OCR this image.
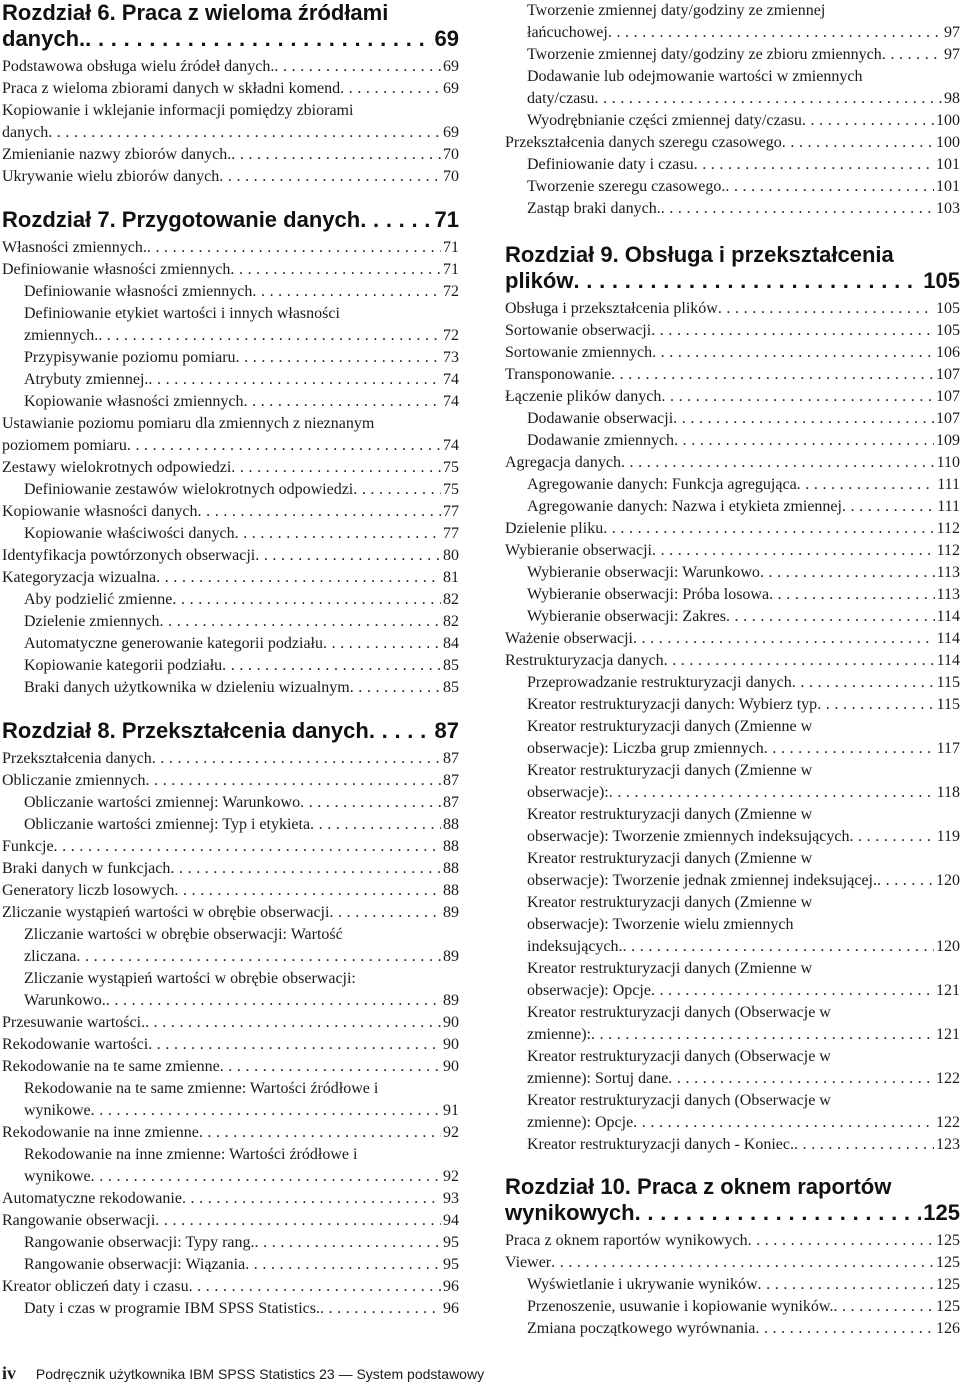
Rozdział 6. Praca z wieloma źródłami
danych. . . .	69
Podstawowa obsługa wielu źródeł danych. . . .	69
Praca z wieloma zbiorami danych w składni komend . . .	69
Kopiowanie i wklejanie informacji pomiędzy zbiorami
danych . . .	69
Zmienianie nazwy zbiorów danych. . . .	70
Ukrywanie wielu zbiorów danych . . .	70
Rozdział 7. Przygotowanie danych . . .	71
Własności zmiennych. . . .	71
Definiowanie własności zmiennych . . .	71
Definiowanie własności zmiennych . . .	72
Definiowanie etykiet wartości i innych własności
zmiennych. . . .	72
Przypisywanie poziomu pomiaru . . .	73
Atrybuty zmiennej. . . .	74
Kopiowanie własności zmiennych . . .	74
Ustawianie poziomu pomiaru dla zmiennych z nieznanym
poziomem pomiaru . . .	74
Zestawy wielokrotnych odpowiedzi . . .	75
Definiowanie zestawów wielokrotnych odpowiedzi . . .	75
Kopiowanie własności danych . . .	77
Kopiowanie właściwości danych . . .	77
Identyfikacja powtórzonych obserwacji . . .	80
Kategoryzacja wizualna . . .	81
Aby podzielić zmienne . . .	82
Dzielenie zmiennych . . .	82
Automatyczne generowanie kategorii podziału . . .	84
Kopiowanie kategorii podziału . . .	85
Braki danych użytkownika w dzieleniu wizualnym . . .	85
Rozdział 8. Przekształcenia danych . . .	87
Przekształcenia danych . . .	87
Obliczanie zmiennych . . .	87
Obliczanie wartości zmiennej: Warunkowo . . .	87
Obliczanie wartości zmiennej: Typ i etykieta . . .	88
Funkcje . . .	88
Braki danych w funkcjach . . .	88
Generatory liczb losowych . . .	88
Zliczanie wystąpień wartości w obrębie obserwacji . . .	89
Zliczanie wartości w obrębie obserwacji: Wartość
zliczana . . .	89
Zliczanie wystąpień wartości w obrębie obserwacji:
Warunkowo. . . .	89
Przesuwanie wartości. . . .	90
Rekodowanie wartości . . .	90
Rekodowanie na te same zmienne . . .	90
Rekodowanie na te same zmienne: Wartości źródłowe i
wynikowe . . .	91
Rekodowanie na inne zmienne . . .	92
Rekodowanie na inne zmienne: Wartości źródłowe i
wynikowe . . .	92
Automatyczne rekodowanie . . .	93
Rangowanie obserwacji . . .	94
Rangowanie obserwacji: Typy rang. . . .	95
Rangowanie obserwacji: Wiązania . . .	95
Kreator obliczeń daty i czasu . . .	96
Daty i czas w programie IBM SPSS Statistics. . . .	96
Tworzenie zmiennej daty/godziny ze zmiennej
łańcuchowej . . .	97
Tworzenie zmiennej daty/godziny ze zbioru zmiennych . . .	97
Dodawanie lub odejmowanie wartości w zmiennych
daty/czasu . . .	98
Wyodrębnianie części zmiennej daty/czasu . . .	100
Przekształcenia danych szeregu czasowego . . .	100
Definiowanie daty i czasu . . .	101
Tworzenie szeregu czasowego. . . .	101
Zastąp braki danych. . . .	103
Rozdział 9. Obsługa i przekształcenia
plików . . .	105
Obsługa i przekształcenia plików . . .	105
Sortowanie obserwacji . . .	105
Sortowanie zmiennych . . .	106
Transponowanie . . .	107
Łączenie plików danych . . .	107
Dodawanie obserwacji . . .	107
Dodawanie zmiennych . . .	109
Agregacja danych . . .	110
Agregowanie danych: Funkcja agregująca . . .	111
Agregowanie danych: Nazwa i etykieta zmiennej . . .	111
Dzielenie pliku . . .	112
Wybieranie obserwacji . . .	112
Wybieranie obserwacji: Warunkowo . . .	113
Wybieranie obserwacji: Próba losowa . . .	113
Wybieranie obserwacji: Zakres . . .	114
Ważenie obserwacji . . .	114
Restrukturyzacja danych . . .	114
Przeprowadzanie restrukturyzacji danych . . .	115
Kreator restrukturyzacji danych: Wybierz typ . . .	115
Kreator restrukturyzacji danych (Zmienne w
obserwacje): Liczba grup zmiennych . . .	117
Kreator restrukturyzacji danych (Zmienne w
obserwacje): . . .	118
Kreator restrukturyzacji danych (Zmienne w
obserwacje): Tworzenie zmiennych indeksujących . . .	119
Kreator restrukturyzacji danych (Zmienne w
obserwacje): Tworzenie jednak zmiennej indeksującej. . . .	120
Kreator restrukturyzacji danych (Zmienne w
obserwacje): Tworzenie wielu zmiennych
indeksujących. . . .	120
Kreator restrukturyzacji danych (Zmienne w
obserwacje): Opcje . . .	121
Kreator restrukturyzacji danych (Obserwacje w
zmienne): . . .	121
Kreator restrukturyzacji danych (Obserwacje w
zmienne): Sortuj dane . . .	122
Kreator restrukturyzacji danych (Obserwacje w
zmienne): Opcje . . .	122
Kreator restrukturyzacji danych - Koniec. . . .	123
Rozdział 10. Praca z oknem raportów
wynikowych . . .	125
Praca z oknem raportów wynikowych . . .	125
Viewer . . .	125
Wyświetlanie i ukrywanie wyników . . .	125
Przenoszenie, usuwanie i kopiowanie wyników. . . .	125
Zmiana początkowego wyrównania . . .	126
iv Podręcznik użytkownika IBM SPSS Statistics 23 — System podstawowy
